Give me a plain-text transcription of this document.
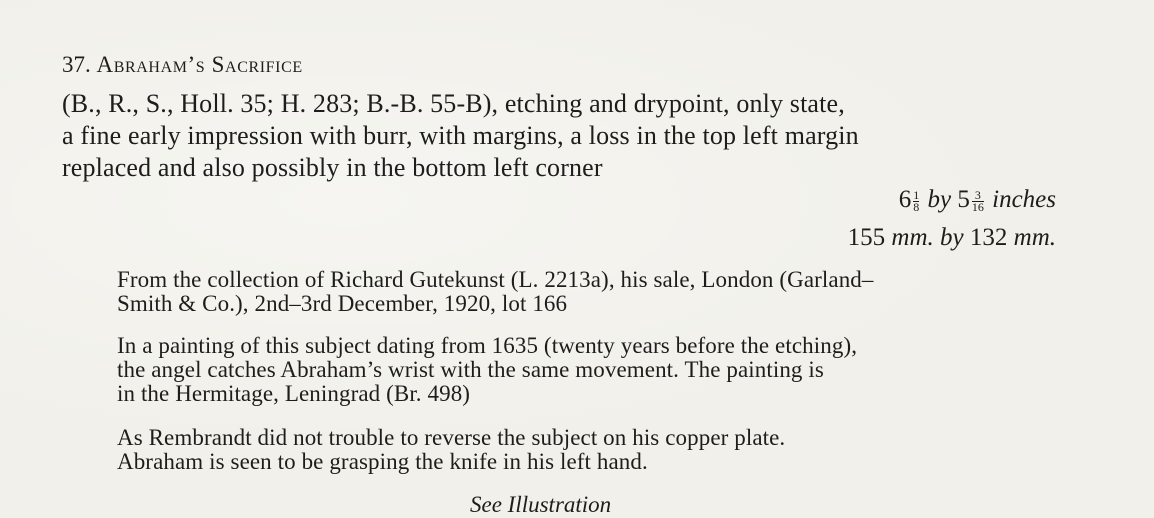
37. Abraham’s Sacrifice
(B., R., S., Holl. 35; H. 283; B.-B. 55-B), etching and drypoint, only state,
a fine early impression with burr, with margins, a loss in the top left margin
replaced and also possibly in the bottom left corner
$6 \frac{1}{8}$ by $5 \frac{3}{16}$ inches
155 mm. by 132 mm.
From the collection of Richard Gutekunst (L. 2213a), his sale, London (Garland–
Smith & Co.), 2nd–3rd December, 1920, lot 166
In a painting of this subject dating from 1635 (twenty years before the etching),
the angel catches Abraham’s wrist with the same movement. The painting is
in the Hermitage, Leningrad (Br. 498)
As Rembrandt did not trouble to reverse the subject on his copper plate.
Abraham is seen to be grasping the knife in his left hand.
See Illustration
